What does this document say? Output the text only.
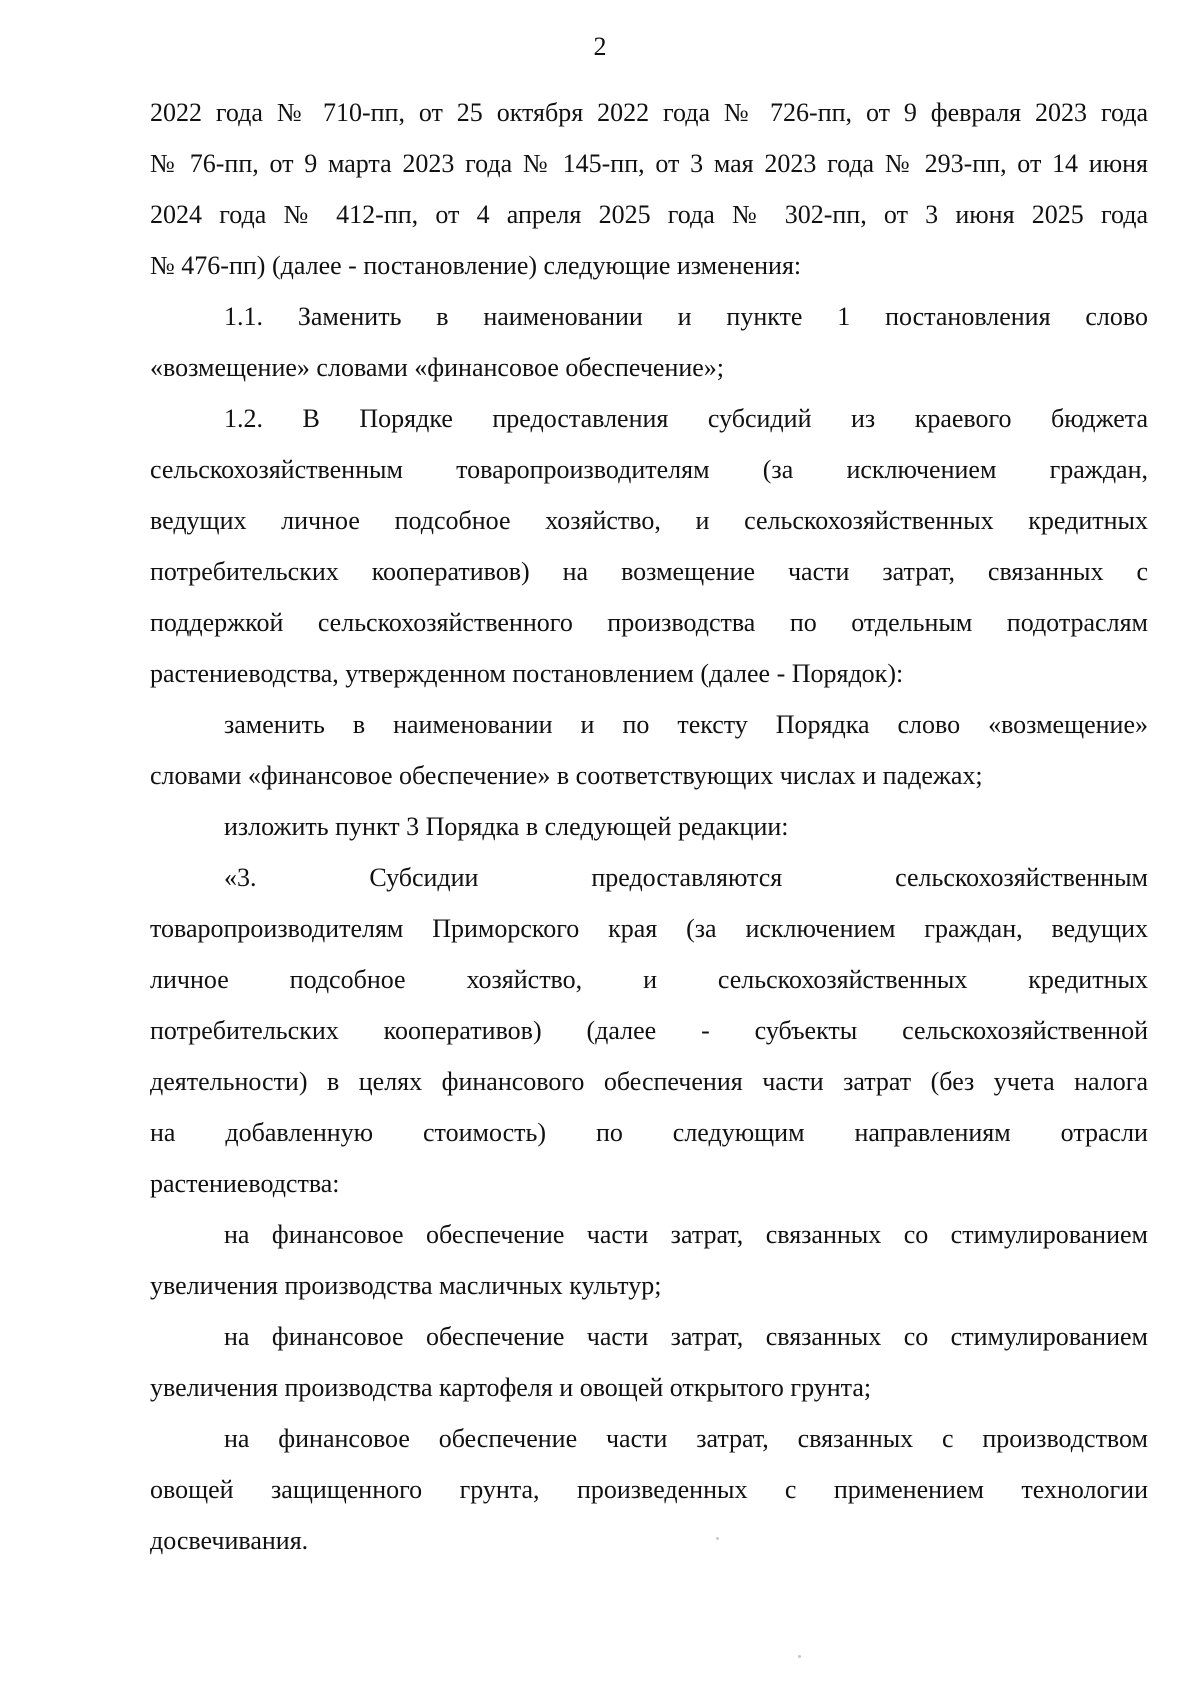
2
2022 года № 710-пп, от 25 октября 2022 года № 726-пп, от 9 февраля 2023 года
№ 76-пп, от 9 марта 2023 года № 145-пп, от 3 мая 2023 года № 293-пп, от 14 июня
2024 года № 412-пп, от 4 апреля 2025 года № 302-пп, от 3 июня 2025 года
№ 476-пп) (далее - постановление) следующие изменения:
1.1. Заменить в наименовании и пункте 1 постановления слово
«возмещение» словами «финансовое обеспечение»;
1.2. В Порядке предоставления субсидий из краевого бюджета
сельскохозяйственным товаропроизводителям (за исключением граждан,
ведущих личное подсобное хозяйство, и сельскохозяйственных кредитных
потребительских кооперативов) на возмещение части затрат, связанных с
поддержкой сельскохозяйственного производства по отдельным подотраслям
растениеводства, утвержденном постановлением (далее - Порядок):
заменить в наименовании и по тексту Порядка слово «возмещение»
словами «финансовое обеспечение» в соответствующих числах и падежах;
изложить пункт 3 Порядка в следующей редакции:
«3.	Субсидии	предоставляются	сельскохозяйственным
товаропроизводителям Приморского края (за исключением граждан, ведущих
личное подсобное хозяйство, и сельскохозяйственных кредитных
потребительских кооперативов) (далее - субъекты сельскохозяйственной
деятельности) в целях финансового обеспечения части затрат (без учета налога
на добавленную стоимость) по следующим направлениям отрасли
растениеводства:
на финансовое обеспечение части затрат, связанных со стимулированием
увеличения производства масличных культур;
на финансовое обеспечение части затрат, связанных со стимулированием
увеличения производства картофеля и овощей открытого грунта;
на финансовое обеспечение части затрат, связанных с производством
овощей защищенного грунта, произведенных с применением технологии
досвечивания.
